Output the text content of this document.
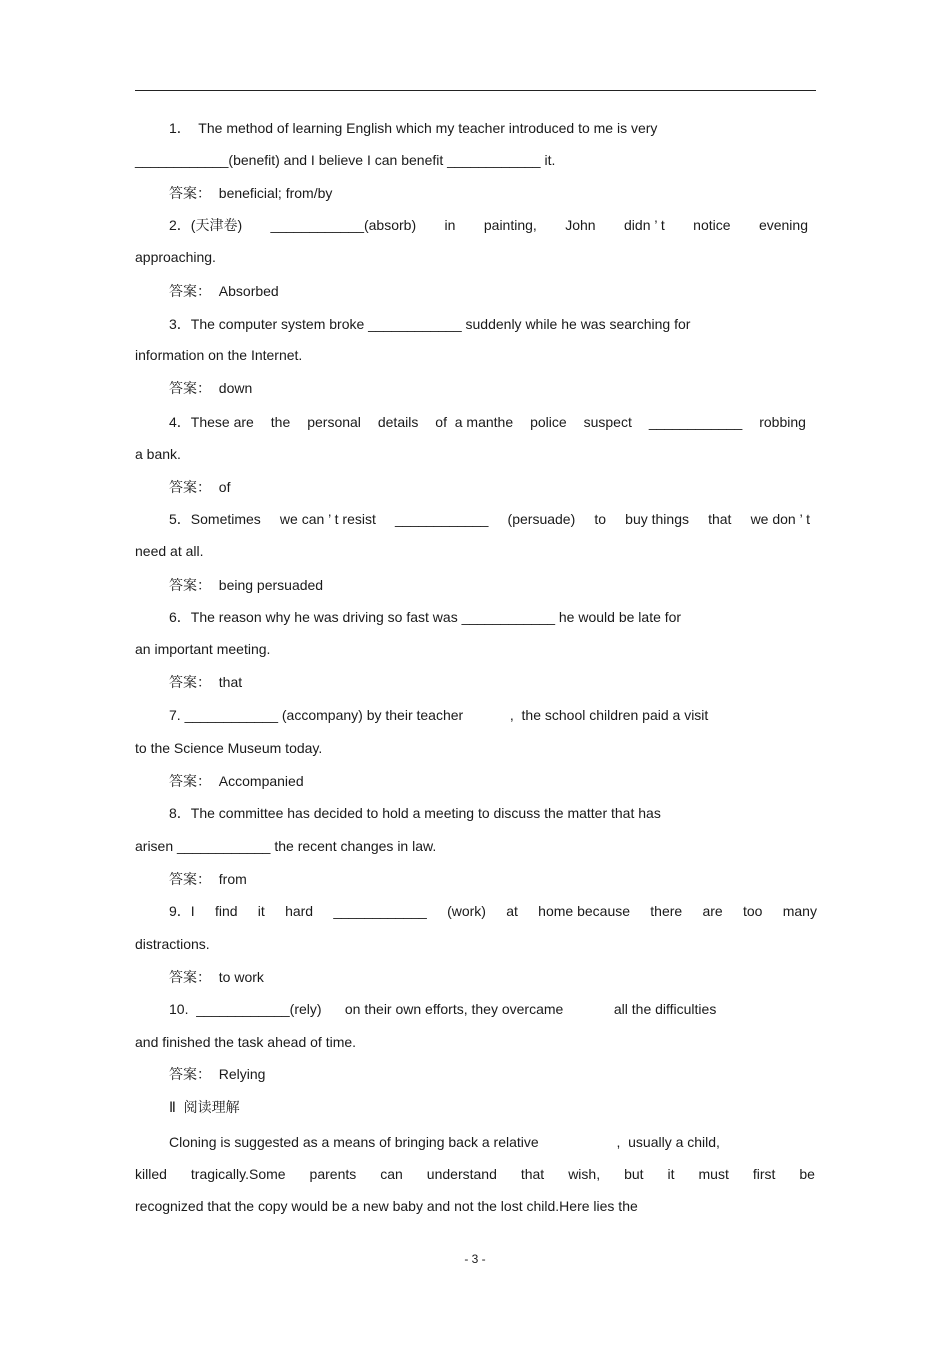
1．  The method of learning English which my teacher introduced to me is very
____________(benefit) and I believe I can benefit ____________ it.
答案：  beneficial; from/by
2．(天津卷) ____________(absorb) in painting, John didn ’ t notice evening
approaching.
答案：  Absorbed
3．The computer system broke ____________ suddenly while he was searching for
information on the Internet.
答案：  down
4．These are the personal details of  a manthe police suspect ____________ robbing
a bank.
答案：  of
5．Sometimes we can ’ t resist ____________ (persuade) to buy things that we don ’ t
need at all.
答案：  being persuaded
6．The reason why he was driving so fast was ____________ he would be late for
an important meeting.
答案：  that
7. ____________ (accompany) by their teacher            ,  the school children paid a visit
to the Science Museum today.
答案：  Accompanied
8．The committee has decided to hold a meeting to discuss the matter that has
arisen ____________ the recent changes in law.
答案：  from
9．I find it hard ____________ (work) at home because there are too many
distractions.
答案：  to work
10.  ____________(rely)      on their own efforts, they overcame             all the difficulties
and finished the task ahead of time.
答案：  Relying
Ⅱ  阅读理解
Cloning is suggested as a means of bringing back a relative                    ,  usually a child,
killed tragically.Some parents can understand that wish, but it must first be
recognized that the copy would be a new baby and not the lost child.Here lies the
- 3 -
